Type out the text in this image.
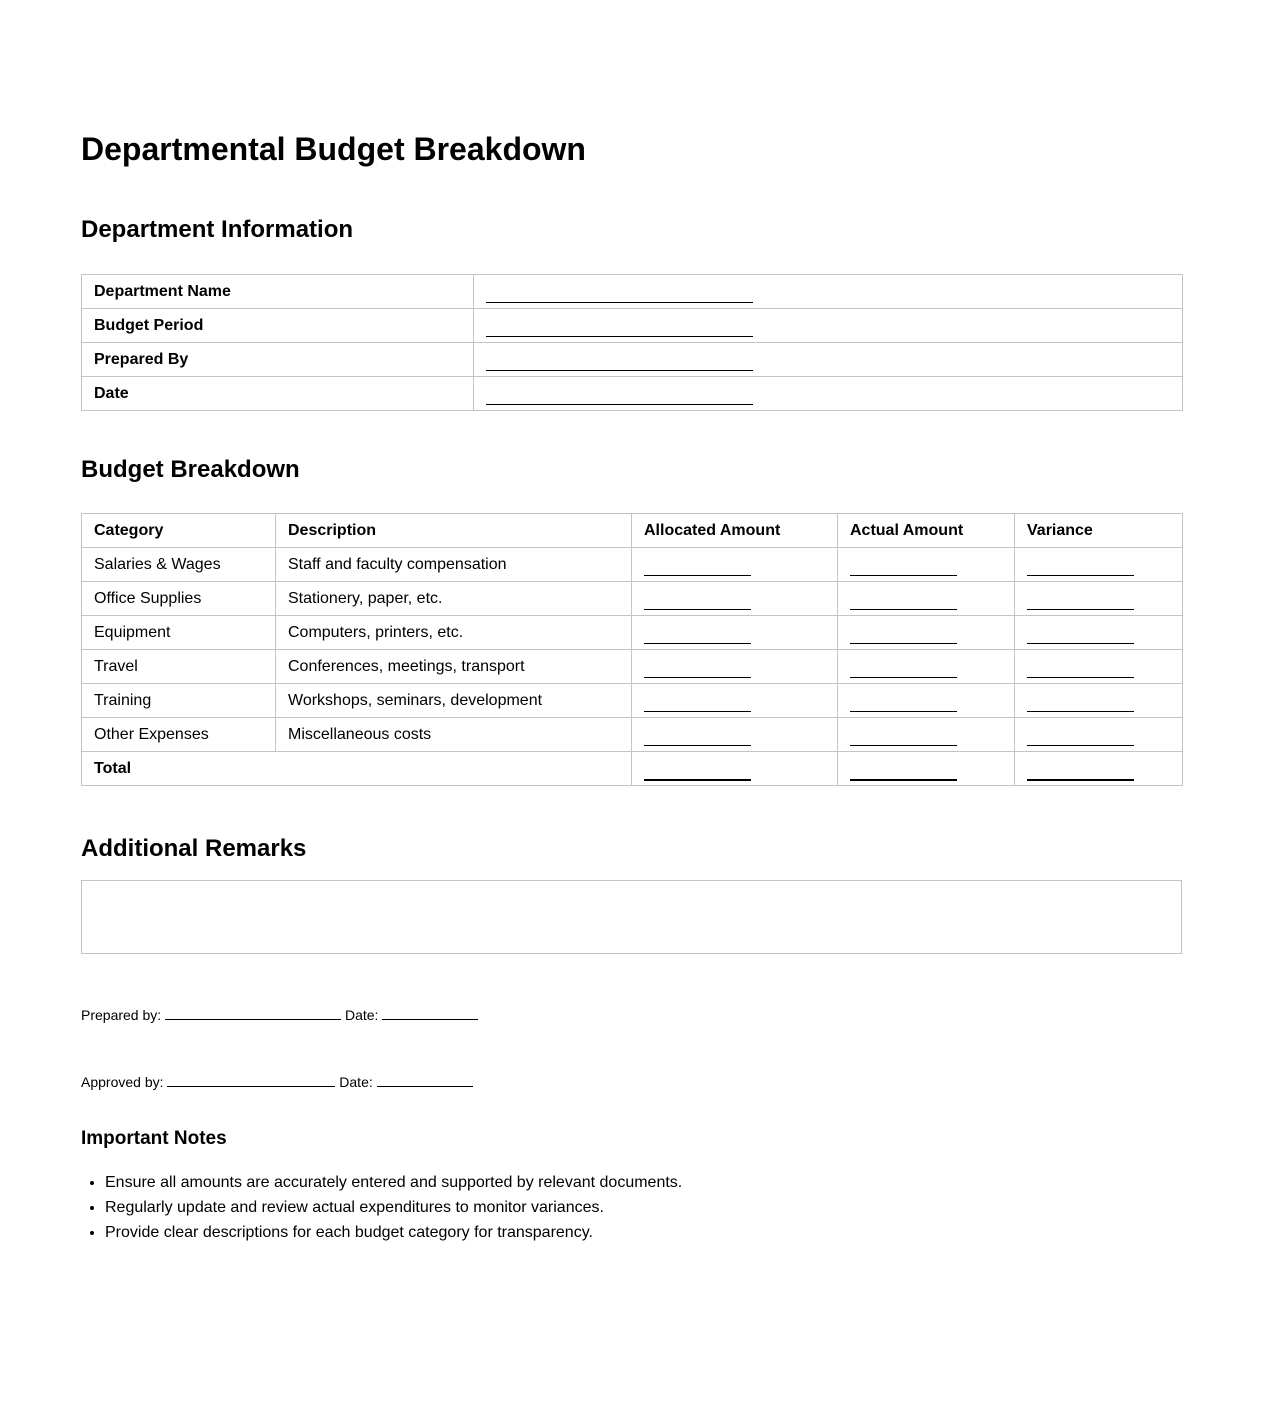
Departmental Budget Breakdown
Department Information
Department Name	
Budget Period	
Prepared By	
Date	
Budget Breakdown
Category	Description	Allocated Amount	Actual Amount	Variance
Salaries & Wages	Staff and faculty compensation			
Office Supplies	Stationery, paper, etc.			
Equipment	Computers, printers, etc.			
Travel	Conferences, meetings, transport			
Training	Workshops, seminars, development			
Other Expenses	Miscellaneous costs			
Total				
Additional Remarks
Prepared by:	Date:
Approved by:	Date:
Important Notes
• Ensure all amounts are accurately entered and supported by relevant documents.
• Regularly update and review actual expenditures to monitor variances.
• Provide clear descriptions for each budget category for transparency.
